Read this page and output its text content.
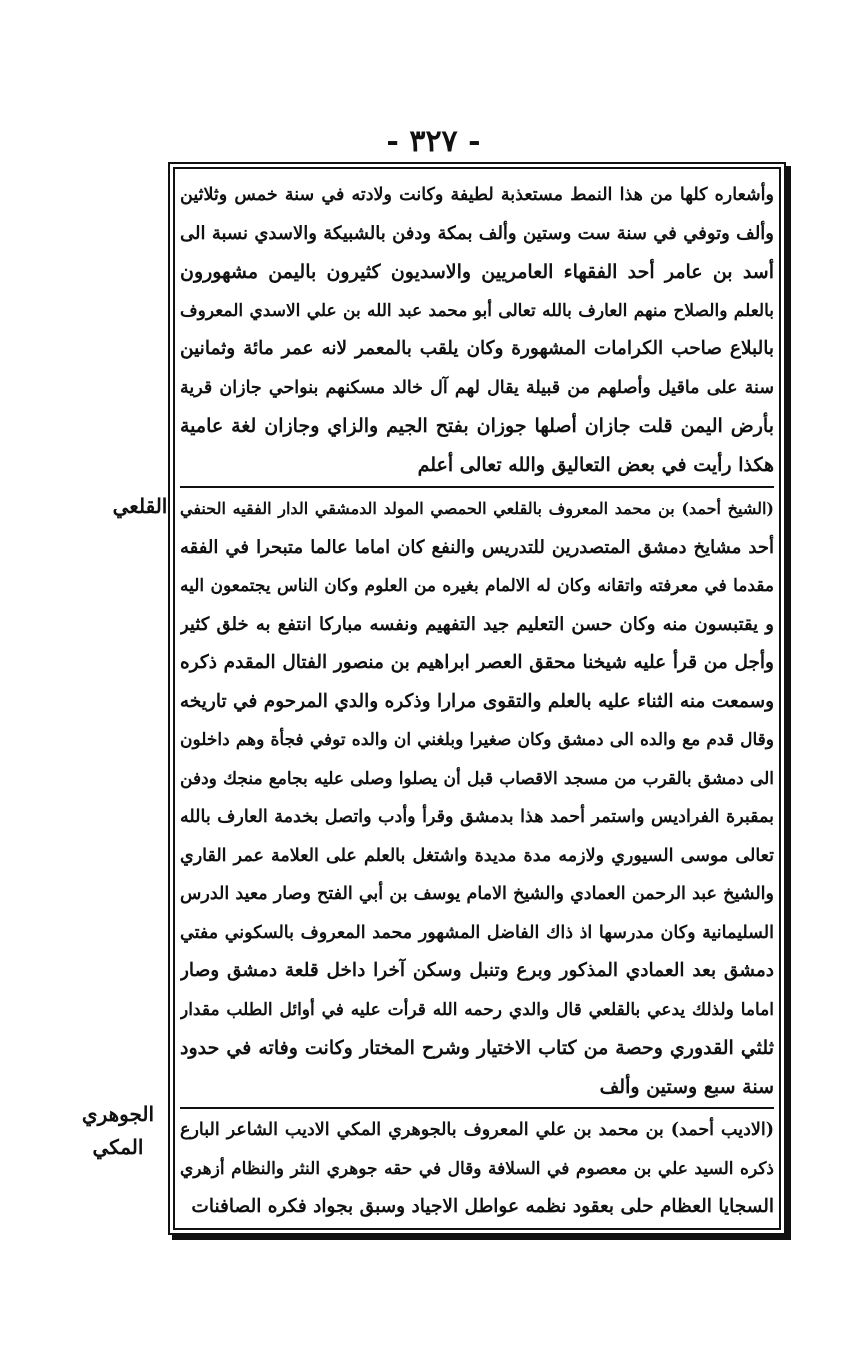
- ٣٢٧ -
وأشعاره كلها من هذا النمط مستعذبة لطيفة وكانت ولادته في سنة خمس وثلاثين
وألف وتوفي في سنة ست وستين وألف بمكة ودفن بالشبيكة والاسدي نسبة الى
أسد بن عامر أحد الفقهاء العامريين والاسديون كثيرون باليمن مشهورون
بالعلم والصلاح منهم العارف بالله تعالى أبو محمد عبد الله بن علي الاسدي المعروف
بالبلاع صاحب الكرامات المشهورة وكان يلقب بالمعمر لانه عمر مائة وثمانين
سنة على ماقيل وأصلهم من قبيلة يقال لهم آل خالد مسكنهم بنواحي جازان قرية
بأرض اليمن قلت جازان أصلها جوزان بفتح الجيم والزاي وجازان لغة عامية
هكذا رأيت في بعض التعاليق والله تعالى أعلم
(الشيخ أحمد) بن محمد المعروف بالقلعي الحمصي المولد الدمشقي الدار الفقيه الحنفي
أحد مشايخ دمشق المتصدرين للتدريس والنفع كان اماما عالما متبحرا في الفقه
مقدما في معرفته واتقانه وكان له الالمام بغيره من العلوم وكان الناس يجتمعون اليه
و يقتبسون منه وكان حسن التعليم جيد التفهيم ونفسه مباركا انتفع به خلق كثير
وأجل من قرأ عليه شيخنا محقق العصر ابراهيم بن منصور الفتال المقدم ذكره
وسمعت منه الثناء عليه بالعلم والتقوى مرارا وذكره والدي المرحوم في تاريخه
وقال قدم مع والده الى دمشق وكان صغيرا وبلغني ان والده توفي فجأة وهم داخلون
الى دمشق بالقرب من مسجد الاقصاب قبل أن يصلوا وصلى عليه بجامع منجك ودفن
بمقبرة الفراديس واستمر أحمد هذا بدمشق وقرأ وأدب واتصل بخدمة العارف بالله
تعالى موسى السيوري ولازمه مدة مديدة واشتغل بالعلم على العلامة عمر القاري
والشيخ عبد الرحمن العمادي والشيخ الامام يوسف بن أبي الفتح وصار معيد الدرس
السليمانية وكان مدرسها اذ ذاك الفاضل المشهور محمد المعروف بالسكوني مفتي
دمشق بعد العمادي المذكور وبرع وتنبل وسكن آخرا داخل قلعة دمشق وصار
اماما ولذلك يدعي بالقلعي قال والدي رحمه الله قرأت عليه في أوائل الطلب مقدار
ثلثي القدوري وحصة من كتاب الاختيار وشرح المختار وكانت وفاته في حدود
سنة سبع وستين وألف
(الاديب أحمد) بن محمد بن علي المعروف بالجوهري المكي الاديب الشاعر البارع
ذكره السيد علي بن معصوم في السلافة وقال في حقه جوهري النثر والنظام أزهري
السجايا العظام حلى بعقود نظمه عواطل الاجياد وسبق بجواد فكره الصافنات
القلعي
الجوهري
المكي
